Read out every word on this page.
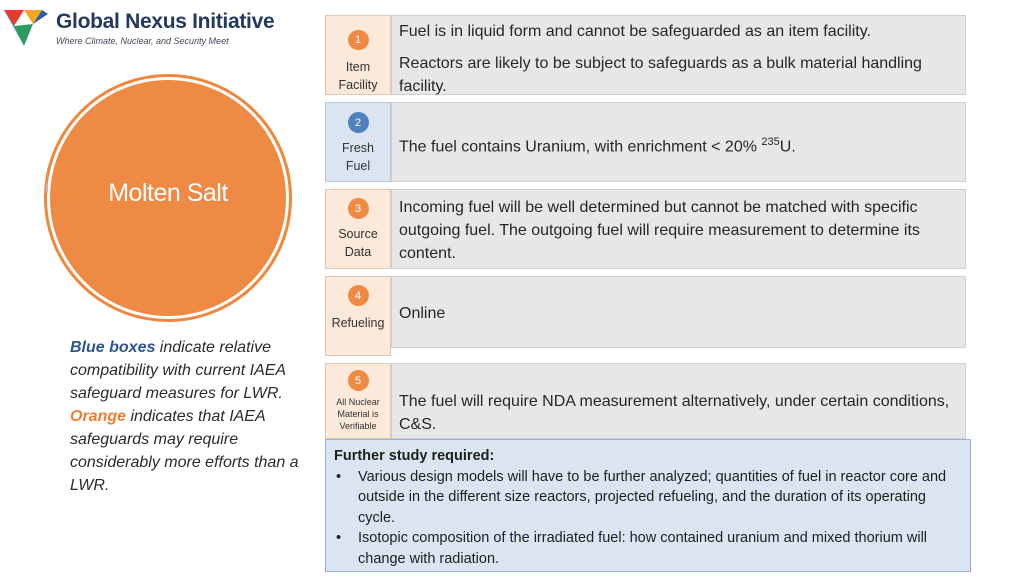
Global Nexus Initiative
Where Climate, Nuclear, and Security Meet
Molten Salt
Blue boxes indicate relative compatibility with current IAEA safeguard measures for LWR.
Orange indicates that IAEA safeguards may require considerably more efforts than a LWR.
1
Item
Facility

Fuel is in liquid form and cannot be safeguarded as an item facility.

Reactors are likely to be subject to safeguards as a bulk material handling facility.

2
Fresh
Fuel

The fuel contains Uranium, with enrichment < 20% $^{235}$U.

3
Source
Data

Incoming fuel will be well determined but cannot be matched with specific outgoing fuel. The outgoing fuel will require measurement to determine its content.

4
Refueling

Online

5
All Nuclear
Material is
Verifiable

The fuel will require NDA measurement alternatively, under certain conditions, C&S.

Further study required:
• Various design models will have to be further analyzed; quantities of fuel in reactor core and outside in the different size reactors, projected refueling, and the duration of its operating cycle.
• Isotopic composition of the irradiated fuel: how contained uranium and mixed thorium will change with radiation.
